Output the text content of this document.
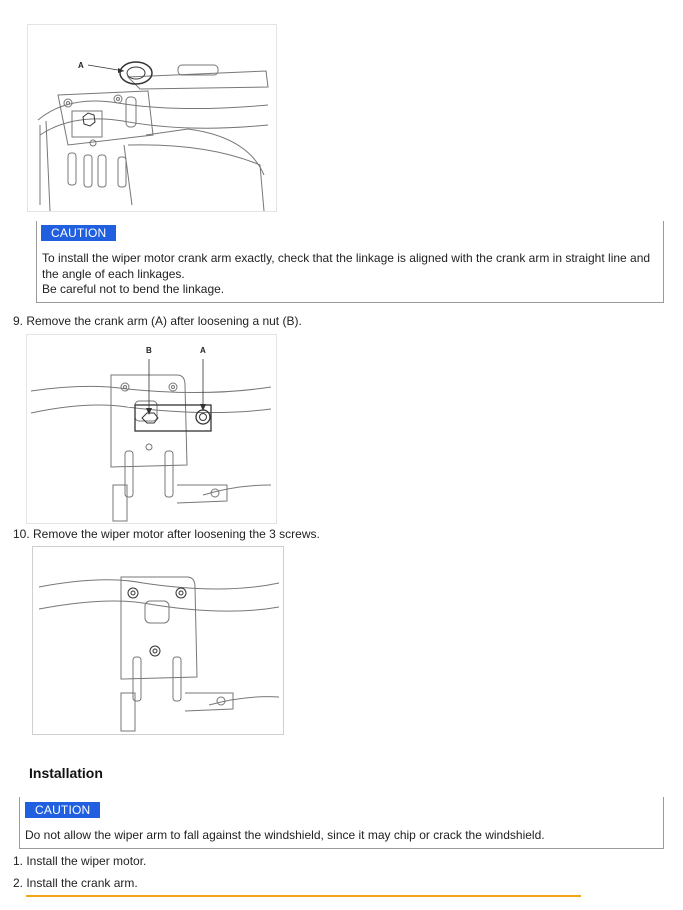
A
CAUTION
To install the wiper motor crank arm exactly, check that the linkage is aligned with the crank arm in straight line and
the angle of each linkages.
Be careful not to bend the linkage.
9. Remove the crank arm (A) after loosening a nut (B).
B	A
10. Remove the wiper motor after loosening the 3 screws.
Installation
CAUTION
Do not allow the wiper arm to fall against the windshield, since it may chip or crack the windshield.
1. Install the wiper motor.
2. Install the crank arm.
